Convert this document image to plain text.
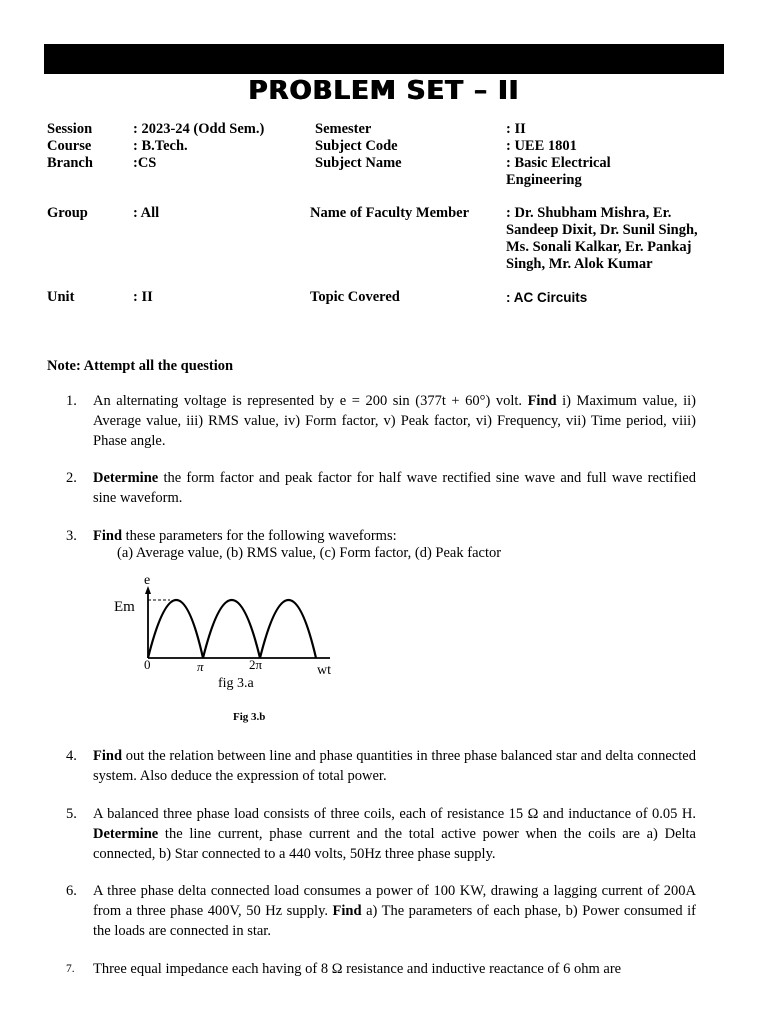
PROBLEM SET – II
Session	: 2023-24 (Odd Sem.)	Semester	: II
Course	: B.Tech.	Subject Code	: UEE 1801
Branch	:CS	Subject Name	: Basic Electrical Engineering
Group	: All	Name of Faculty Member	: Dr. Shubham Mishra, Er. Sandeep Dixit, Dr. Sunil Singh, Ms. Sonali Kalkar, Er. Pankaj Singh, Mr. Alok Kumar
Unit	: II	Topic Covered	: AC Circuits
Note: Attempt all the question
1.	An alternating voltage is represented by e = 200 sin (377t + 60°) volt. Find i) Maximum value, ii) Average value, iii) RMS value, iv) Form factor, v) Peak factor, vi) Frequency, vii) Time period, viii) Phase angle.
2.	Determine the form factor and peak factor for half wave rectified sine wave and full wave rectified sine waveform.
3.	Find these parameters for the following waveforms:
(a) Average value, (b) RMS value, (c) Form factor, (d) Peak factor
e
Em
0	π	2π	wt
fig 3.a
Fig 3.b
4.	Find out the relation between line and phase quantities in three phase balanced star and delta connected system. Also deduce the expression of total power.
5.	A balanced three phase load consists of three coils, each of resistance 15 Ω and inductance of 0.05 H. Determine the line current, phase current and the total active power when the coils are a) Delta connected, b) Star connected to a 440 volts, 50Hz three phase supply.
6.	A three phase delta connected load consumes a power of 100 KW, drawing a lagging current of 200A from a three phase 400V, 50 Hz supply. Find a) The parameters of each phase, b) Power consumed if the loads are connected in star.
7.	Three equal impedance each having of 8 Ω resistance and inductive reactance of 6 ohm are
